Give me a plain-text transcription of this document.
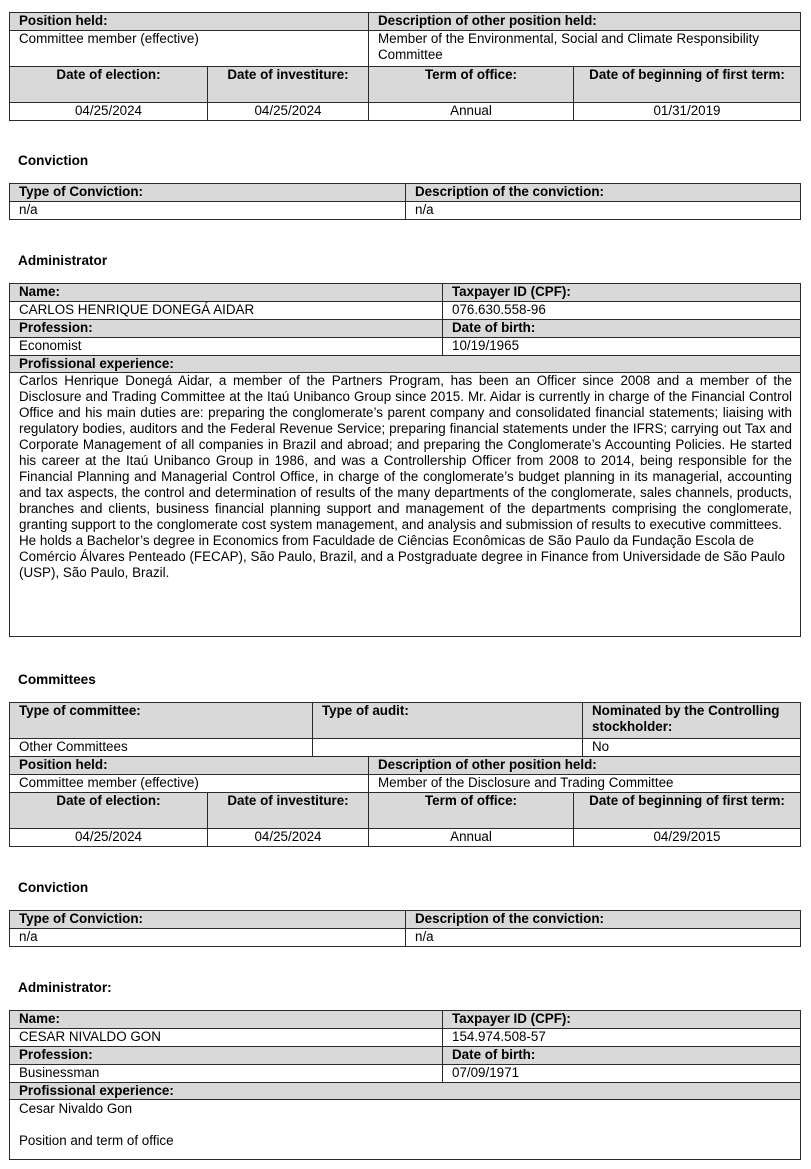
Position held:		Description of other position held:	
Committee member (effective)		Member of the Environmental, Social and Climate Responsibility Committee	
Date of election:	Date of investiture:	Term of office:	Date of beginning of first term:
04/25/2024	04/25/2024	Annual	01/31/2019
Conviction
Type of Conviction:	Description of the conviction:
n/a	n/a
Administrator
Name:	Taxpayer ID (CPF):
CARLOS HENRIQUE DONEGÁ AIDAR	076.630.558-96
Profession:	Date of birth:
Economist	10/19/1965
Profissional experience:	

Carlos Henrique Donegá Aidar, a member of the Partners Program, has been an Officer since 2008 and a member of the Disclosure and Trading Committee at the Itaú Unibanco Group since 2015. Mr. Aidar is currently in charge of the Financial Control Office and his main duties are: preparing the conglomerate’s parent company and consolidated financial statements; liaising with regulatory bodies, auditors and the Federal Revenue Service; preparing financial statements under the IFRS; carrying out Tax and Corporate Management of all companies in Brazil and abroad; and preparing the Conglomerate’s Accounting Policies. He started his career at the Itaú Unibanco Group in 1986, and was a Controllership Officer from 2008 to 2014, being responsible for the Financial Planning and Managerial Control Office, in charge of the conglomerate’s budget planning in its managerial, accounting and tax aspects, the control and determination of results of the many departments of the conglomerate, sales channels, products, branches and clients, business financial planning support and management of the departments comprising the conglomerate, granting support to the conglomerate cost system management, and analysis and submission of results to executive committees.
He holds a Bachelor’s degree in Economics from Faculdade de Ciências Econômicas de São Paulo da Fundação Escola de Comércio Álvares Penteado (FECAP), São Paulo, Brazil, and a Postgraduate degree in Finance from Universidade de São Paulo (USP), São Paulo, Brazil.	
Committees
Type of committee:	Type of audit:	Nominated by the Controlling stockholder:
Other Committees		No
Position held:		Description of other position held:	
Committee member (effective)		Member of the Disclosure and Trading Committee	
Date of election:	Date of investiture:	Term of office:	Date of beginning of first term:
04/25/2024	04/25/2024	Annual	04/29/2015
Conviction
Type of Conviction:	Description of the conviction:
n/a	n/a
Administrator:
Name:	Taxpayer ID (CPF):
CESAR NIVALDO GON	154.974.508-57
Profession:	Date of birth:
Businessman	07/09/1971
Profissional experience:	

Cesar Nivaldo Gon
Position and term of office	
